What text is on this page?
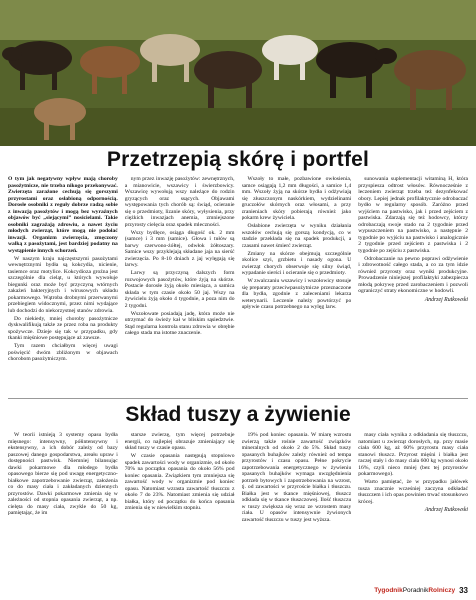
Przetrzepią skórę i portfel

O tym jak negatywny wpływ mają choroby pasożytnicze, nie trzeba nikogo przekonywać. Zwierzęta zarażone cechują się gorszymi przyrostami oraz osłabioną odpornością. Dorosłe osobniki z reguły dobrze radzą sobie z inwazją pasożytów i mogą bez wyraźnych objawów być „siejącymi” nosicielami. Takie osobniki zagrażają zdrowiu, a nawet życiu młodych zwierząt, które mogą nie podołać inwazji. Organizm zwierzęcia, zmęczony walką z pasożytami, jest bardziej podatny na wystąpienie innych schorzeń.

W naszym kraju najczęstszymi pasożytami wewnętrznymi bydła są kokcydia, nicienie, tasiemce oraz motylice. Kokcydioza groźna jest szczególnie dla cieląt, u których wywołuje biegunki oraz może być przyczyną wtórnych zakażeń bakteryjnych i wirusowych układu pokarmowego. Wątroba drobnymi przerwanymi przebiegiem widocznymi, przez nimi wydające lub dochodzi do niekorzystnej stanów zdrowia.

Do niekiedy, mniej choroby pasożytnicze dyskwalifikują także ze przez roba na produkty spożywcze. Dzieje się tak w przypadku, gdy tkanki mięśniowe postępujące aż zawsze.

Tym razem chciałbym więcej uwagi poświęcić dwóm zbliżonym w objawach chorobom pasożytniczym.

nym przez inwazję pasożytów: zewnętrznych, a mianowicie, wszawicy i świerzbowicy. Wszawicę wywołują wszy należące do rodzin gryzących oraz ssących. Objawami występowania tych chorób są: świąd, ocieranie się o przedmioty, lizanie skóry, wyłysienia, przy ciężkich inwazjach anemia, zmniejszone przyrosty cielęcia oraz spadek mleczności.

Wszy bydlęce, osiąga długość ok. 2 mm (samce) i 3 mm (samice). Głowa i tułów są barwy czerwono-żółtej, odwłok żółtoszary. Samice wszy przyklejają składane jaja na sierść zwierzęcia. Po 8-10 dniach z jaj wylęgają się larwy.

Larwy są przyczyną dalszych form rozwojowych pasożytów, które żyją na skórze. Postacie dorosłe żyją około miesiąca, a samica składa w tym czasie około 50 jaj. Wszy na żywicielu żyją około 4 tygodnie, a poza nim do 2 tygodni.

Wszołowate posiadają jadę, która może nie utrzymać do świeży kał w bliskim sąsiedztwie. Stąd regularna kontrola stanu zdrowia w obrębie całego stada ma istotne znaczenie.

Wszoły to małe, pozbawione owłosienia, samce osiągają 1,2 mm długości, a samice 1,4 mm. Wszoły żyją na skórze bydła i odżywiają się złuszczonym naskórkiem, wydzielinami gruczołów skórnych oraz włosami, a przy zranieniach skóry pobierają również jako pokarm krew żywiciela.

Osłabione zwierzęta w wyniku działania wszołów cechują się gorszą kondycją, co w stadzie przekłada się na spadek produkcji, a czasami nawet śmierć zwierząt.

Zmiany na skórze obejmują szczególnie okolice szyi, grzbietu i nasady ogona. U zwierząt chorych obserwuje się silny świąd, wypadanie sierści i ocieranie się o przedmioty.

W zwalczaniu wszawicy i wszołowicy stosuje się preparaty przeciwpasożytnicze przeznaczone dla bydła, zgodnie z zaleceniami lekarza weterynarii. Leczenie należy powtórzyć po upływie czasu potrzebnego na wylęg larw.

sunowania suplementacji witaminą H, która przyspiesza odtrost włosów. Równocześnie z leczeniem zwierząt trzeba też dezynfekować obory. Lepiej jednak profilaktycznie odrobaczać bydło w regularny sposób. Zaróżno przed wyjściem na pastwisko, jak i przed zejściem z pastwiska. Zdarzają się też hodowcy, którzy odrobaczają swoje stado na 2 tygodnie przed wypuszczeniem na pastwisko, a następnie 2 tygodnie po wyjściu na pastwisko i analogicznie 2 tygodnie przed zejściem z pastwiska i 2 tygodnie po zejściu z pastwiska.

Odrobaczanie na pewno poprawi odżywienie i zdrowotność całego stada, a co za tym idzie również przyrosty oraz wyniki produkcyjne. Prowadzenie niniejszej profilaktyki zabezpiecza młodą pokrywę przed zarobaczeniem i pozwoli ograniczyć straty ekonomiczne w hodowli.

Andrzej Rutkowski
Skład tuszy a żywienie

W teorii istnieją 3 systemy opasu bydła mięsnego: intensywny, półintensywny i ekstensywny, a ich dobór zależy od bazy paszowej danego gospodarstwa, areału upraw i dostępności pastwisk. Niemniej bilansując dawki pokarmowe dla młodego bydła opasowego bierze się pod uwagę energetyczno-białkowe zapotrzebowanie zwierząt, założenia co do masy ciała i zakładanych dziennych przyrostów. Dawki pokarmowe zmienia się w zależności od stopnia opasania zwierząt, a np. cielęta do masy ciała, zwykle do 50 kg, pamiętając, że im

starsze zwierzę, tym więcej potrzebuje energii, co najlepiej obrazuje zmieniający się skład tuszy w czasie opasu.

W czasie opasania następują stopniowo spadek zawartości wody w organizmie, od około 70% na początku opasania do około 56% pod koniec opasania. Związkiem tym zmniejsza się zawartość wody w organizmie pod koniec opasu. Natomiast wzrasta zawartość tłuszczu z około 7 do 23%. Natomiast zmienia się udział białka, który od początku do końca opasania zmienia się w niewielkim stopniu.

19% pod koniec opasania. W miarę wzrostu zwierzą także rośnie zawartość związków mineralnych od około 2 do 5%. Skład tuszy opasanych buhajków zależy również od tempa przyrostów i czasu opasu. Pełne pokrycie zapotrzebowania energetycznego w żywieniu opasanych buhajków wymaga uwzględnienia potrzeb bytowych i zapotrzebowania na wzrost, tj. od zawartości w przyroście białka i tłuszczu. Białka jest w tkance mięśniowej, tłuszcz odkłada się w tkance tłuszczowej. Ilość tłuszczu w tuszy zwiększa się wraz ze wzrostem masy ciała. U opasów intensywnie żywionych zawartość tłuszczu w tuszy jest wyższa.

masy ciała wynika z odkładania się tłuszczu, natomiast u zwierząt dorosłych, np. przy masie ciała 600 kg, aż 60% przyrostu masy ciała stanowi tłuszcz. Przyrost mięśni i białka jest raczej stały i do masy ciała 600 kg wynosi około 16%, czyli nieco mniej (bez tej przyrostów pokarmowego).

Warto pamiętać, że w przypadku jałówek tusza znacznie wcześniej zaczyna odkładać tłuszczem i ich opas powinien trwać stosunkowo krócej.

Andrzej Rutkowski
TygodnikPoradnikRolniczy 33
